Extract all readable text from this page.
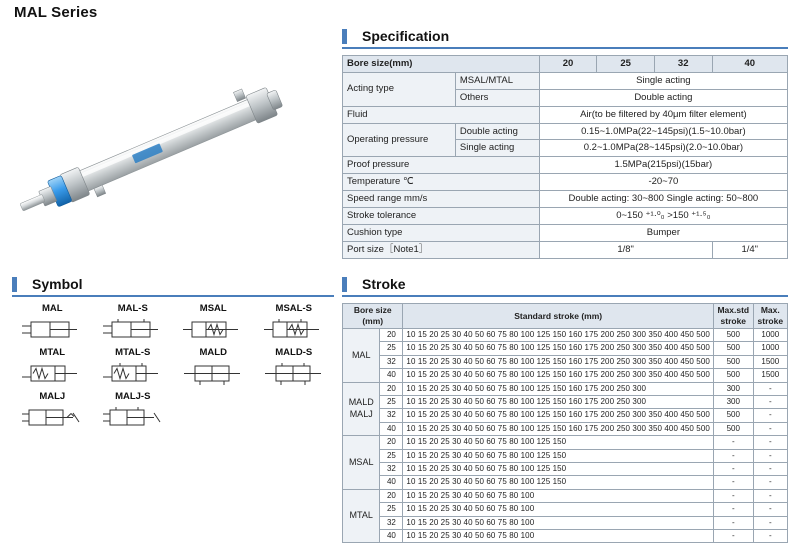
MAL Series
Specification
Bore size(mm)		20	25	32	40
Acting type	MSAL/MTAL	Single acting			
	Others	Double acting			
Fluid		Air(to be filtered by 40μm filter element)			
Operating pressure	Double acting	0.15~1.0MPa(22~145psi)(1.5~10.0bar)			
	Single acting	0.2~1.0MPa(28~145psi)(2.0~10.0bar)			
Proof pressure		1.5MPa(215psi)(15bar)			
Temperature ℃		-20~70			
Speed range mm/s		Double acting: 30~800 Single acting: 50~800			
Stroke tolerance		0~150 ⁺¹·⁰₀ >150 ⁺¹·⁵₀			
Cushion type		Bumper			
Port size［Note1］		1/8"			1/4"
Symbol
MAL	MAL-S	MSAL	MSAL-S
MTAL	MTAL-S	MALD	MALD-S
MALJ	MALJ-S
Stroke
Bore size (mm)		Standard stroke (mm)	Max.std stroke	Max. stroke
MAL	20	10 15 20 25 30 40 50 60 75 80 100 125 150 160 175 200 250 300 350 400 450 500	500	1000
	25	10 15 20 25 30 40 50 60 75 80 100 125 150 160 175 200 250 300 350 400 450 500	500	1000
	32	10 15 20 25 30 40 50 60 75 80 100 125 150 160 175 200 250 300 350 400 450 500	500	1500
	40	10 15 20 25 30 40 50 60 75 80 100 125 150 160 175 200 250 300 350 400 450 500	500	1500
MALD MALJ	20	10 15 20 25 30 40 50 60 75 80 100 125 150 160 175 200 250 300	300	-
	25	10 15 20 25 30 40 50 60 75 80 100 125 150 160 175 200 250 300	300	-
	32	10 15 20 25 30 40 50 60 75 80 100 125 150 160 175 200 250 300 350 400 450 500	500	-
	40	10 15 20 25 30 40 50 60 75 80 100 125 150 160 175 200 250 300 350 400 450 500	500	-
MSAL	20	10 15 20 25 30 40 50 60 75 80 100 125 150	-	-
	25	10 15 20 25 30 40 50 60 75 80 100 125 150	-	-
	32	10 15 20 25 30 40 50 60 75 80 100 125 150	-	-
	40	10 15 20 25 30 40 50 60 75 80 100 125 150	-	-
MTAL	20	10 15 20 25 30 40 50 60 75 80 100	-	-
	25	10 15 20 25 30 40 50 60 75 80 100	-	-
	32	10 15 20 25 30 40 50 60 75 80 100	-	-
	40	10 15 20 25 30 40 50 60 75 80 100	-	-
